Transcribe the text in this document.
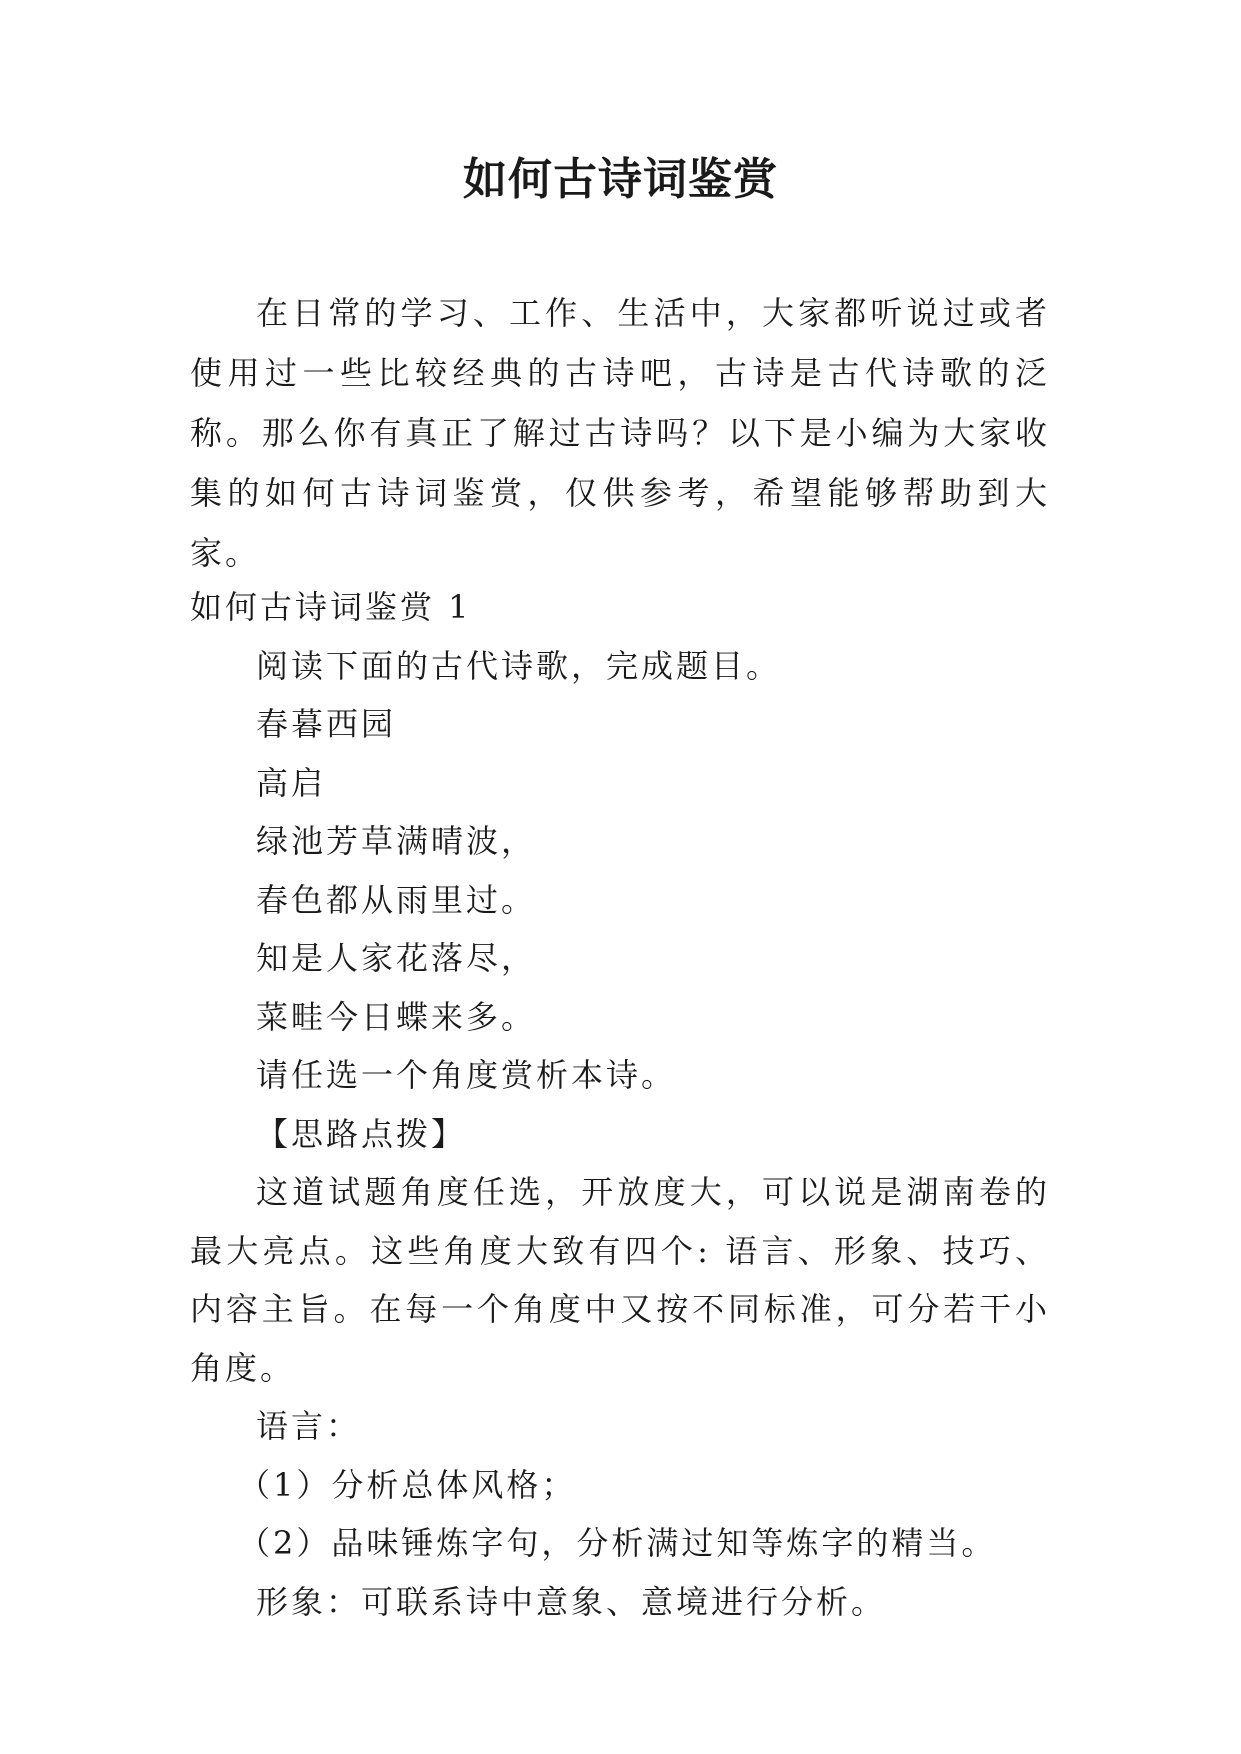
如何古诗词鉴赏

在日常的学习、工作、生活中，大家都听说过或者使用过一些比较经典的古诗吧，古诗是古代诗歌的泛称。那么你有真正了解过古诗吗？以下是小编为大家收集的如何古诗词鉴赏，仅供参考，希望能够帮助到大家。

如何古诗词鉴赏 1

阅读下面的古代诗歌，完成题目。

春暮西园

高启

绿池芳草满晴波，

春色都从雨里过。

知是人家花落尽，

菜畦今日蝶来多。

请任选一个角度赏析本诗。

【思路点拨】

这道试题角度任选，开放度大，可以说是湖南卷的最大亮点。这些角度大致有四个: 语言、形象、技巧、内容主旨。在每一个角度中又按不同标准，可分若干小角度。

语言：

（1）分析总体风格；

（2）品味锤炼字句，分析满过知等炼字的精当。

形象：可联系诗中意象、意境进行分析。
